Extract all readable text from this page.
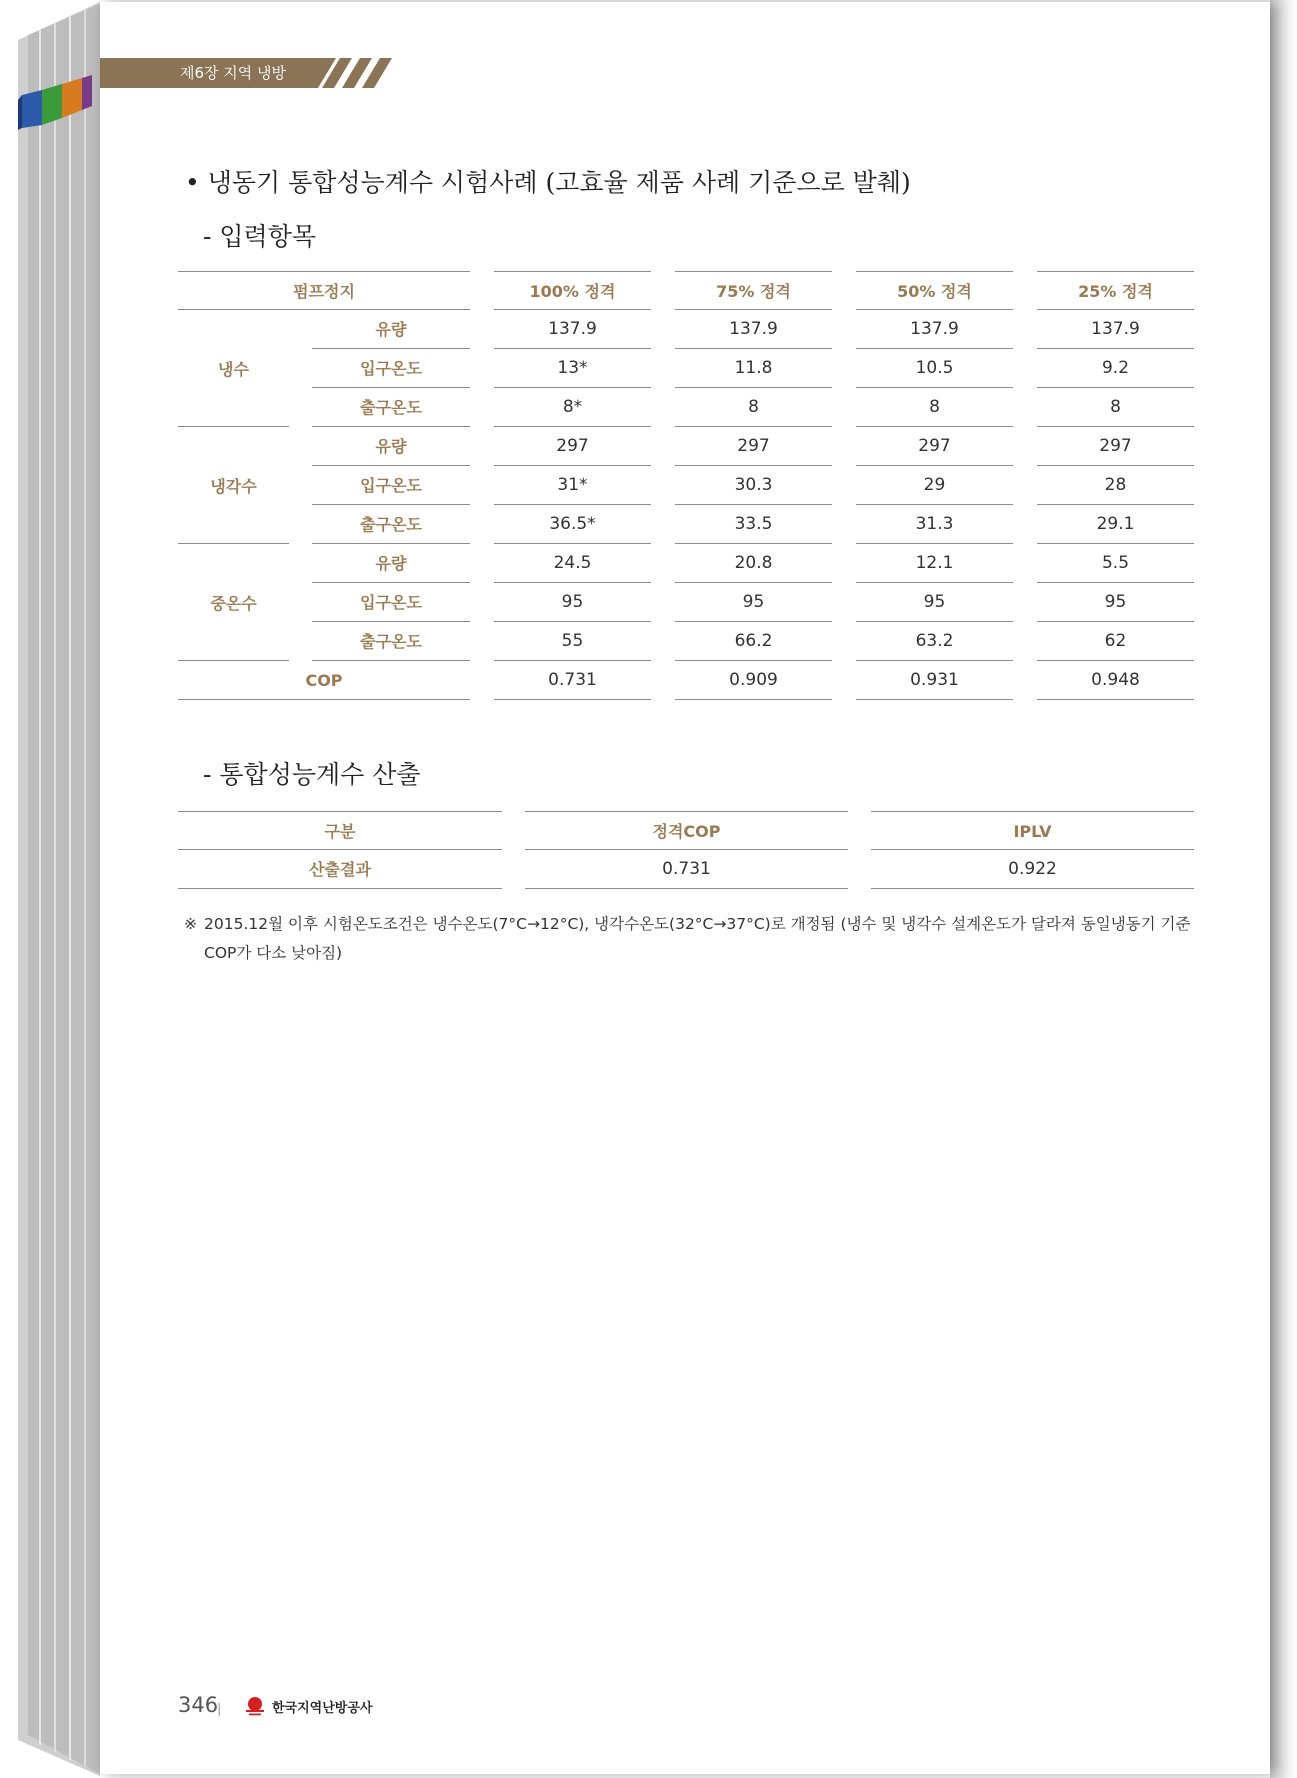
제6장 지역 냉방
• 냉동기 통합성능계수 시험사례 (고효율 제품 사례 기준으로 발췌)
- 입력항목
펌프정지	100% 정격	75% 정격	50% 정격	25% 정격
냉수
유량	137.9	137.9	137.9	137.9
입구온도	13*	11.8	10.5	9.2
출구온도	8*	8	8	8
냉각수
유량	297	297	297	297
입구온도	31*	30.3	29	28
출구온도	36.5*	33.5	31.3	29.1
중온수
유량	24.5	20.8	12.1	5.5
입구온도	95	95	95	95
출구온도	55	66.2	63.2	62
COP	0.731	0.909	0.931	0.948
- 통합성능계수 산출
구분	정격COP	IPLV
산출결과	0.731	0.922
※ 2015.12월 이후 시험온도조건은 냉수온도(7°C→12°C), 냉각수온도(32°C→37°C)로 개정됨 (냉수 및 냉각수 설계온도가 달라져 동일냉동기 기준 COP가 다소 낮아짐)
346
|	한국지역난방공사
